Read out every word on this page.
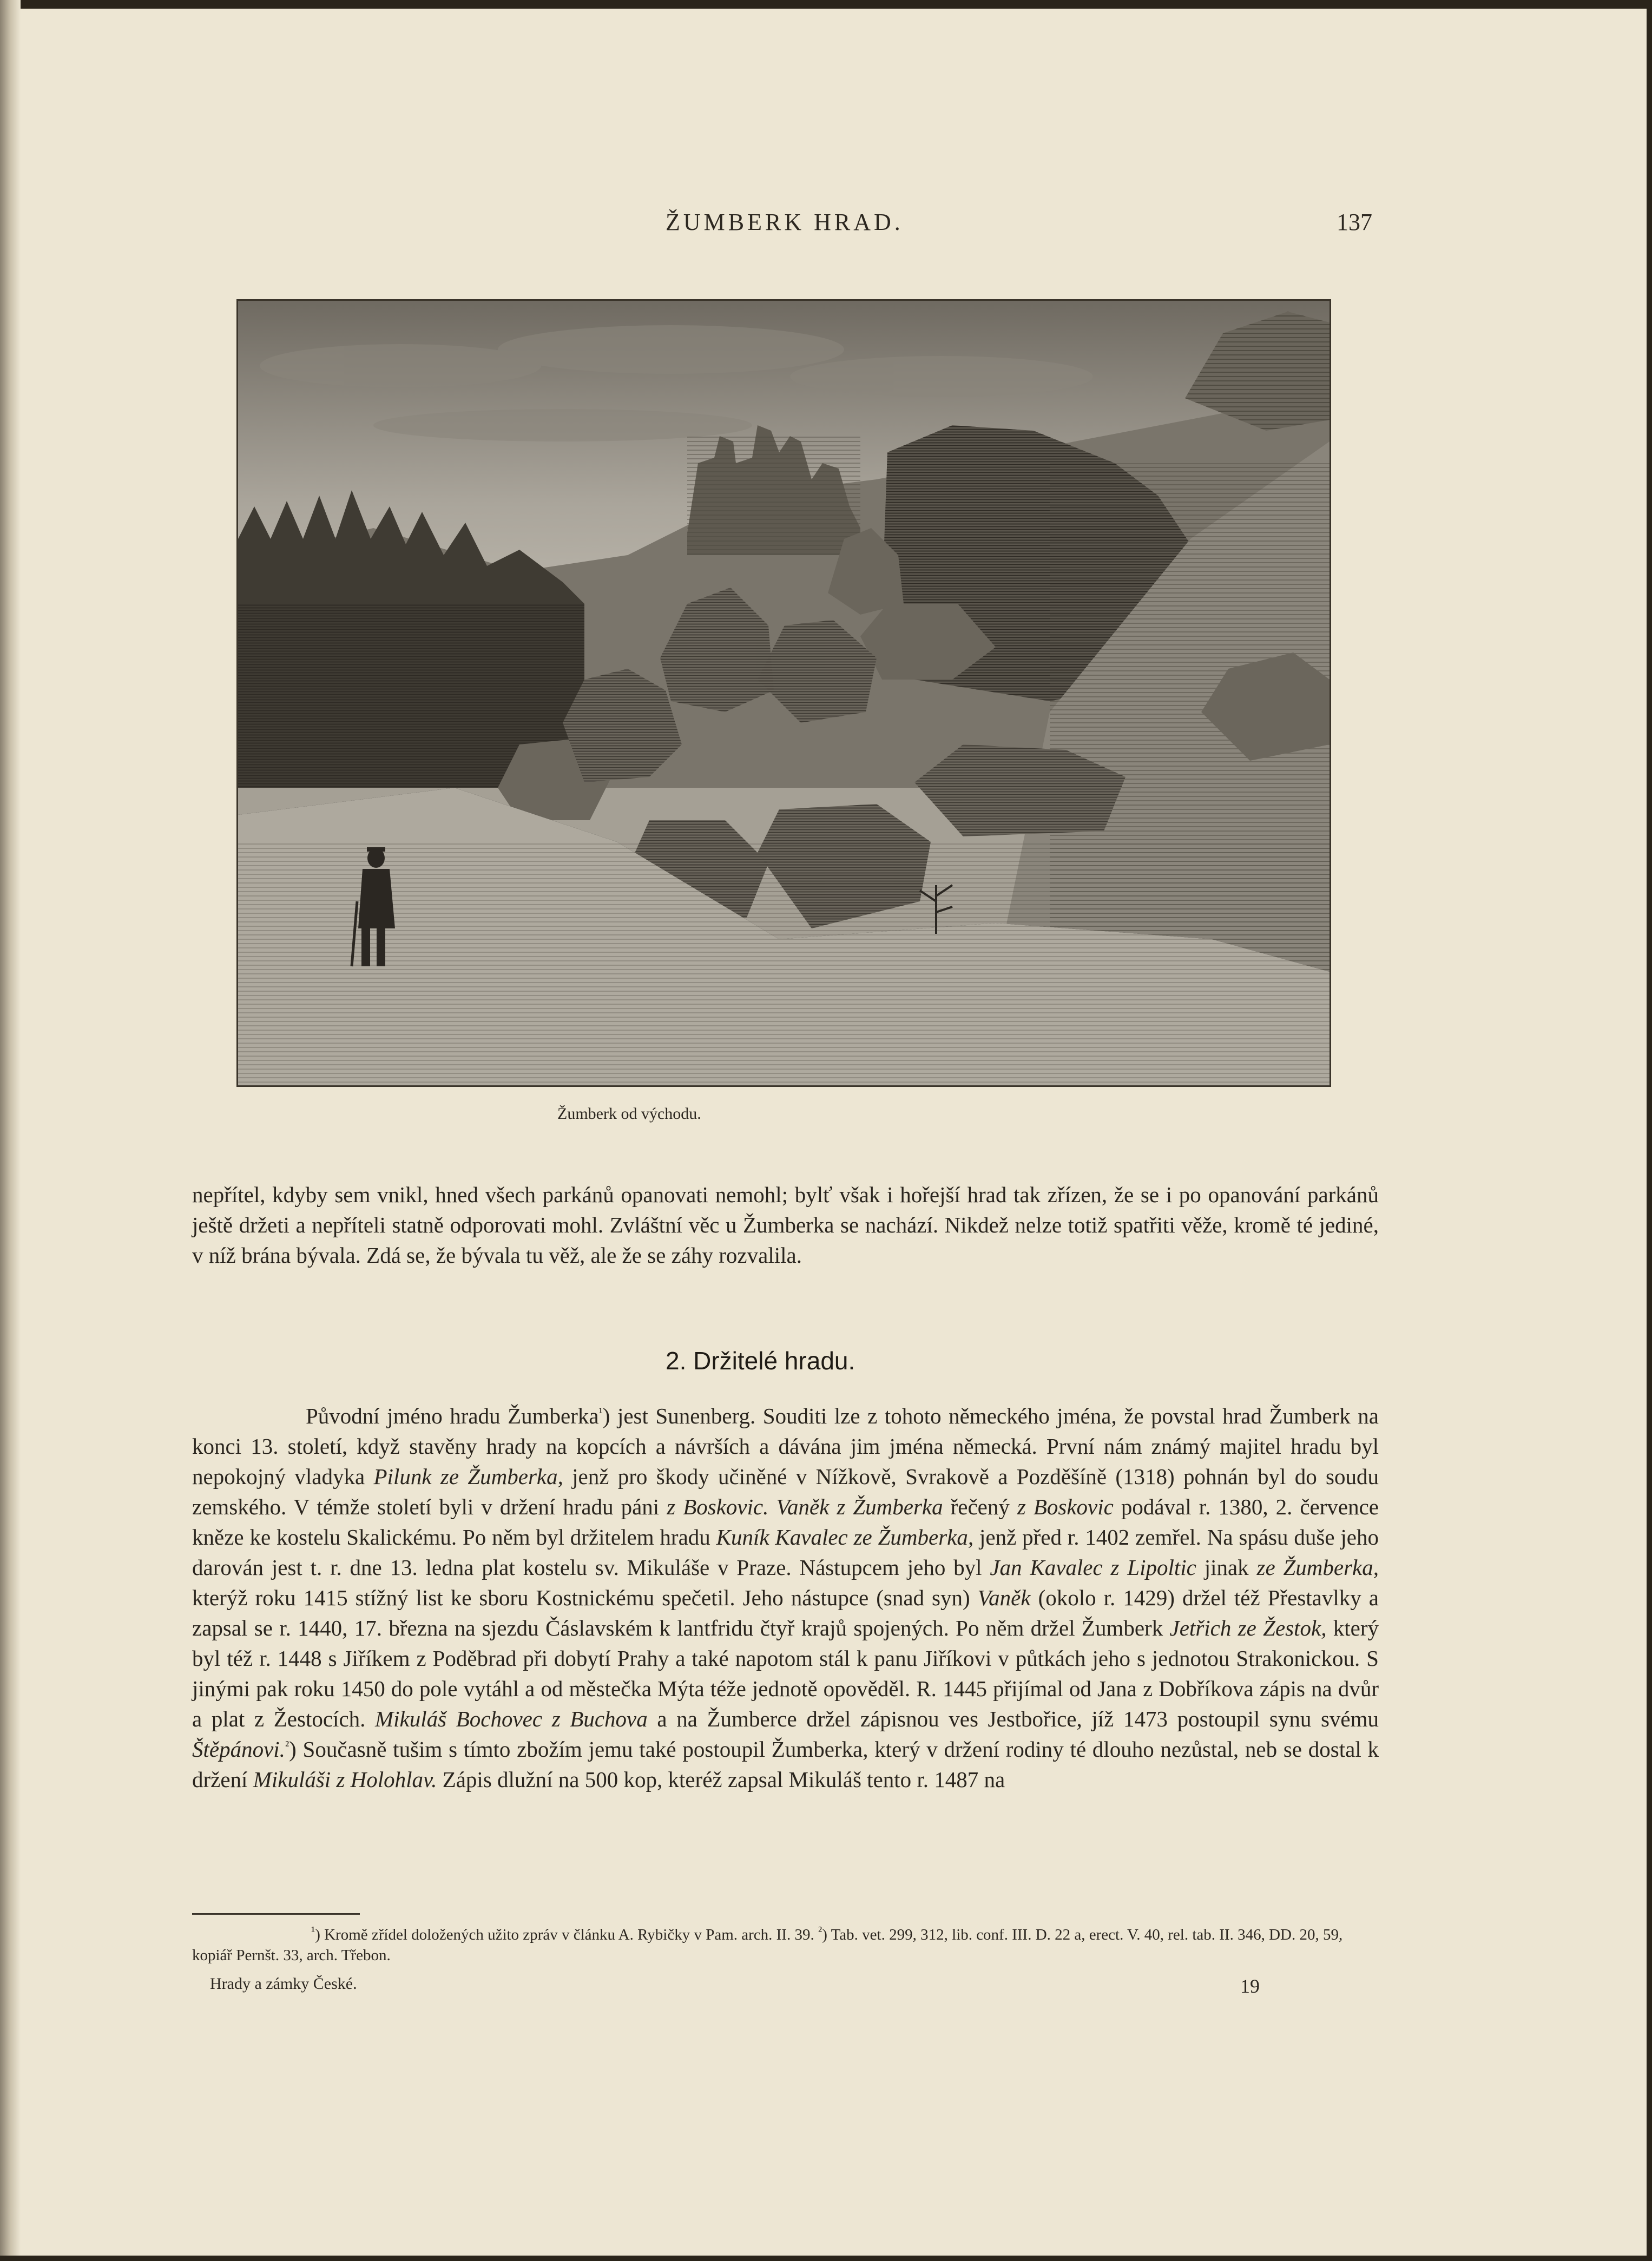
ŽUMBERK HRAD.	137
Žumberk od východu.
nepřítel, kdyby sem vnikl, hned všech parkánů opanovati nemohl; bylť však i hořejší hrad tak zřízen, že se i po opanování parkánů ještě držeti a nepříteli statně odporovati mohl. Zvláštní věc u Žumberka se nachází. Nikdež nelze totiž spatřiti věže, kromě té jediné, v níž brána bývala. Zdá se, že bývala tu věž, ale že se záhy rozvalila.
2. Držitelé hradu.
Původní jméno hradu Žumberka$^{^1}$) jest Sunenberg. Souditi lze z tohoto německého jména, že povstal hrad Žumberk na konci 13. století, když stavěny hrady na kopcích a návrších a dávána jim jména německá. První nám známý majitel hradu byl nepokojný vladyka Pilunk ze Žumberka, jenž pro škody učiněné v Nížkově, Svrakově a Pozděšíně (1318) pohnán byl do soudu zemského. V témže století byli v držení hradu páni z Boskovic. Vaněk z Žumberka řečený z Boskovic podával r. 1380, 2. července kněze ke kostelu Skalickému. Po něm byl držitelem hradu Kuník Kavalec ze Žumberka, jenž před r. 1402 zemřel. Na spásu duše jeho darován jest t. r. dne 13. ledna plat kostelu sv. Mikuláše v Praze. Nástupcem jeho byl Jan Kavalec z Lipoltic jinak ze Žumberka, kterýž roku 1415 stížný list ke sboru Kostnickému spečetil. Jeho nástupce (snad syn) Vaněk (okolo r. 1429) držel též Přestavlky a zapsal se r. 1440, 17. března na sjezdu Čáslavském k lantfridu čtyř krajů spojených. Po něm držel Žumberk Jetřich ze Žestok, který byl též r. 1448 s Jiříkem z Poděbrad při dobytí Prahy a také napotom stál k panu Jiříkovi v půtkách jeho s jednotou Strakonickou. S jinými pak roku 1450 do pole vytáhl a od městečka Mýta téže jednotě opověděl. R. 1445 přijímal od Jana z Dobříkova zápis na dvůr a plat z Žestocích. Mikuláš Bochovec z Buchova a na Žumberce držel zápisnou ves Jestbořice, jíž 1473 postoupil synu svému Štěpánovi.$^{^2}$) Současně tušim s tímto zbožím jemu také postoupil Žumberka, který v držení rodiny té dlouho nezůstal, neb se dostal k držení Mikuláši z Holohlav. Zápis dlužní na 500 kop, kteréž zapsal Mikuláš tento r. 1487 na
$^{^1}$) Kromě zřídel doložených užito zpráv v článku A. Rybičky v Pam. arch. II. 39. $^{^2}$) Tab. vet. 299, 312, lib. conf. III. D. 22 a, erect. V. 40, rel. tab. II. 346, DD. 20, 59, kopiář Pernšt. 33, arch. Třebon.
Hrady a zámky České.	19
